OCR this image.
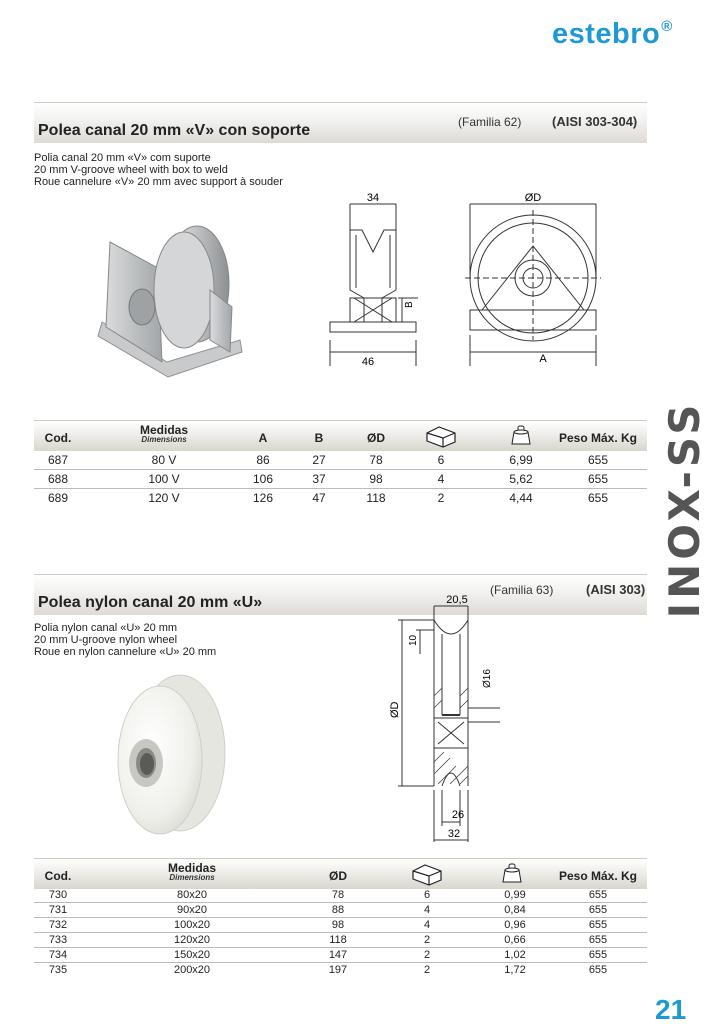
estebro®
INOX-SS
Polea canal 20 mm «V» con soporte	(Familia 62) (AISI 303-304)
Polia canal 20 mm «V» com suporte
20 mm V-groove wheel with box to weld
Roue cannelure «V» 20 mm avec support à souder
34
46
B
ØD
A
Cod.
Medidas
Dimensions	A	B	ØD	Peso Máx. Kg
687	80 V	86	27	78	6	6,99	655
688	100 V	106	37	98	4	5,62	655
689	120 V	126	47	118	2	4,44	655
Polea nylon canal 20 mm «U»
(Familia 63)	(AISI 303)
Polia nylon canal «U» 20 mm
20 mm U-groove nylon wheel
Roue en nylon cannelure «U» 20 mm
20,5
10
ØD
Ø16
26
32
Cod.
Medidas
Dimensions	ØD	Peso Máx. Kg
730	80x20	78	6	0,99	655
731	90x20	88	4	0,84	655
732	100x20	98	4	0,96	655
733	120x20	118	2	0,66	655
734	150x20	147	2	1,02	655
735	200x20	197	2	1,72	655
21
